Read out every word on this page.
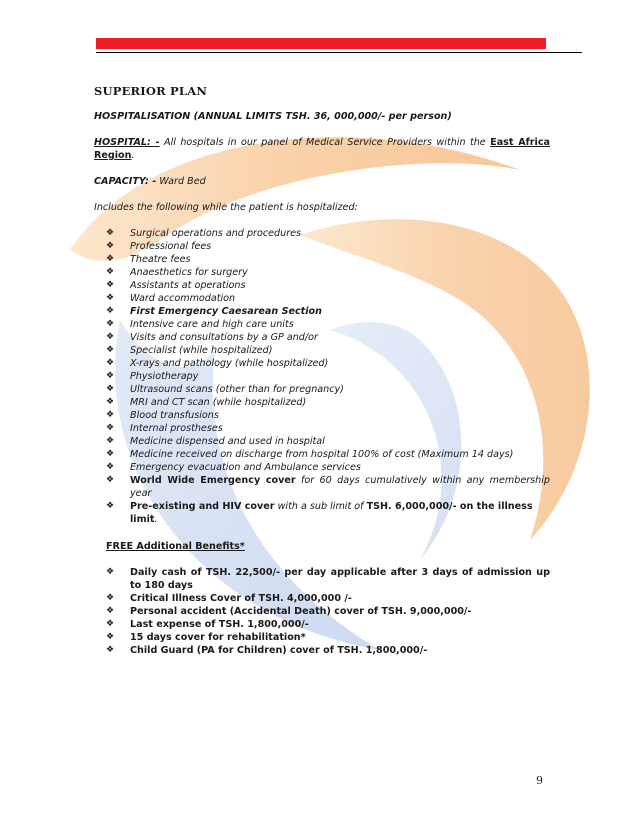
SUPERIOR PLAN

HOSPITALISATION (ANNUAL LIMITS TSH. 36, 000,000/- per person)

HOSPITAL: - All hospitals in our panel of Medical Service Providers within the East Africa Region.

CAPACITY: - Ward Bed

Includes the following while the patient is hospitalized:

❖ Surgical operations and procedures
❖ Professional fees
❖ Theatre fees
❖ Anaesthetics for surgery
❖ Assistants at operations
❖ Ward accommodation
❖ First Emergency Caesarean Section
❖ Intensive care and high care units
❖ Visits and consultations by a GP and/or
❖ Specialist (while hospitalized)
❖ X-rays and pathology (while hospitalized)
❖ Physiotherapy
❖ Ultrasound scans (other than for pregnancy)
❖ MRI and CT scan (while hospitalized)
❖ Blood transfusions
❖ Internal prostheses
❖ Medicine dispensed and used in hospital
❖ Medicine received on discharge from hospital 100% of cost (Maximum 14 days)
❖ Emergency evacuation and Ambulance services
❖ World Wide Emergency cover for 60 days cumulatively within any membership year
❖ Pre-existing and HIV cover with a sub limit of TSH. 6,000,000/- on the illness limit.

FREE Additional Benefits*

❖ Daily cash of TSH. 22,500/- per day applicable after 3 days of admission up to 180 days
❖ Critical Illness Cover of TSH. 4,000,000 /-
❖ Personal accident (Accidental Death) cover of TSH. 9,000,000/-
❖ Last expense of TSH. 1,800,000/-
❖ 15 days cover for rehabilitation*
❖ Child Guard (PA for Children) cover of TSH. 1,800,000/-
9
